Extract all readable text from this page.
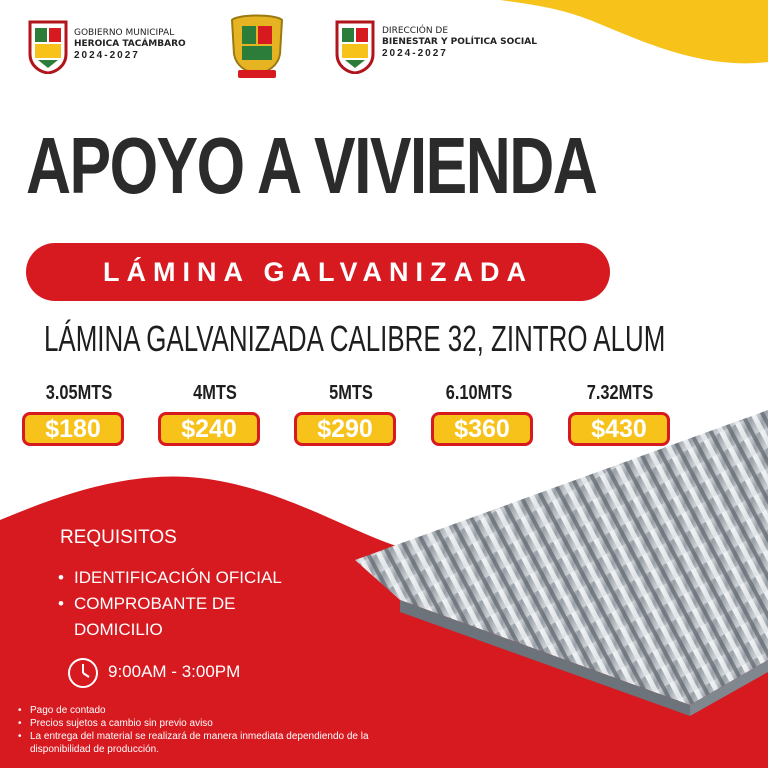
GOBIERNO MUNICIPAL
HEROICA TACÁMBARO
2024-2027
DIRECCIÓN DE
BIENESTAR Y POLÍTICA SOCIAL
2024-2027
APOYO A VIVIENDA
LÁMINA GALVANIZADA
LÁMINA GALVANIZADA CALIBRE 32, ZINTRO ALUM
3.05MTS
$180
4MTS
$240
5MTS
$290
6.10MTS
$360
7.32MTS
$430
REQUISITOS
• IDENTIFICACIÓN OFICIAL
• COMPROBANTE DE DOMICILIO
9:00AM - 3:00PM
• Pago de contado
• Precios sujetos a cambio sin previo aviso
• La entrega del material se realizará de manera inmediata dependiendo de la disponibilidad de producción.
